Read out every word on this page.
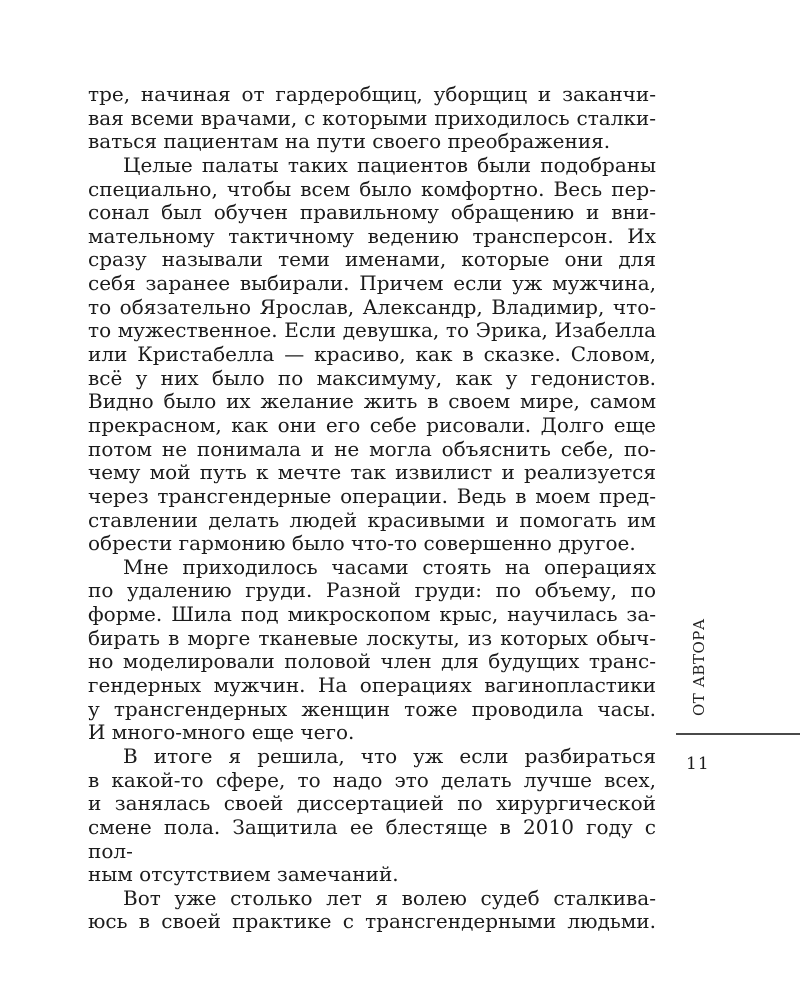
тре, начиная от гардеробщиц, уборщиц и заканчи-
вая всеми врачами, с которыми приходилось сталки-
ваться пациентам на пути своего преображения.
Целые палаты таких пациентов были подобраны
специально, чтобы всем было комфортно. Весь пер-
сонал был обучен правильному обращению и вни-
мательному тактичному ведению трансперсон. Их
сразу называли теми именами, которые они для
себя заранее выбирали. Причем если уж мужчина,
то обязательно Ярослав, Александр, Владимир, что-
то мужественное. Если девушка, то Эрика, Изабелла
или Кристабелла — красиво, как в сказке. Словом,
всё у них было по максимуму, как у гедонистов.
Видно было их желание жить в своем мире, самом
прекрасном, как они его себе рисовали. Долго еще
потом не понимала и не могла объяснить себе, по-
чему мой путь к мечте так извилист и реализуется
через трансгендерные операции. Ведь в моем пред-
ставлении делать людей красивыми и помогать им
обрести гармонию было что-то совершенно другое.
Мне приходилось часами стоять на операциях
по удалению груди. Разной груди: по объему, по
форме. Шила под микроскопом крыс, научилась за-
бирать в морге тканевые лоскуты, из которых обыч-
но моделировали половой член для будущих транс-
гендерных мужчин. На операциях вагинопластики
у трансгендерных женщин тоже проводила часы.
И много-много еще чего.
В итоге я решила, что уж если разбираться
в какой-то сфере, то надо это делать лучше всех,
и занялась своей диссертацией по хирургической
смене пола. Защитила ее блестяще в 2010 году с пол-
ным отсутствием замечаний.
Вот уже столько лет я волею судеб сталкива-
юсь в своей практике с трансгендерными людьми.
ОТ АВТОРА
11
